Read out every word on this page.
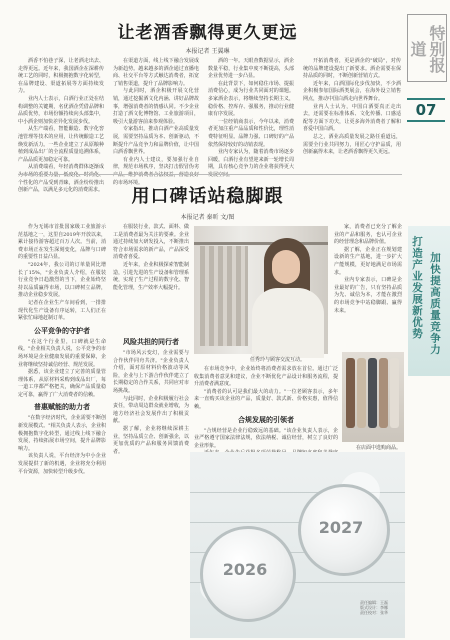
特别报道
07
打造产业发展新优势 加快提高质量竞争力
让老酒香飘得更久更远
本报记者 王翼琳

酒香不怕巷子深，让老酒走出去、走得更远。近年来，我国酒企在深耕传统工艺的同时，积极拥抱数字化转型，在品牌建设、渠道拓展等方面持续发力。

业内人士表示，白酒行业正处在结构调整的关键期，名优酒企凭借品牌和品质优势，市场份额持续向头部集中，中小酒企则加快差异化发展步伐。

从生产端看，智能酿造、数字化窖池管理等技术的应用，让传统酿造工艺焕发新活力。一些企业建立了从原粮种植到成品出厂的全流程质量追溯体系，产品品质更加稳定可靠。

从消费端看，年轻消费群体逐渐成为市场的重要力量，低度化、时尚化、个性化的产品受到青睐，酒企纷纷推出创新产品，以满足多元化的消费需求。

在渠道方面，线上线下融合发展成为新趋势。越来越多的酒企通过直播电商、社交平台等方式触达消费者，拓宽了销售渠道，提升了品牌影响力。

与此同时，酒企积极开展文化营销，通过挖掘酒文化内涵、讲好品牌故事，增强消费者的情感认同。不少企业打造了酒文化博物馆、工业旅游项目，吸引大量游客前来参观体验。

专家指出，推动白酒产业高质量发展，需要坚持品质为本、创新驱动，不断提升产品竞争力和品牌价值，让中国白酒香飘世界。

有业内人士建议，要加强行业自律，规范市场秩序，坚决打击假冒伪劣产品，维护消费者合法权益，营造良好的市场环境。

酒的一年。天眼查数据显示，酒企数量平稳，行业集中度不断提高，头部企业优势进一步凸显。

在此背景下，如何稳住市场、提振消费信心，成为行业共同面对的课题。多家酒企表示，将继续坚持长期主义，稳价格、控库存、强服务，推动行业健康有序发展。

一位经销商表示，今年以来，消费者更加注重产品品质和性价比，理性消费特征明显。品牌力强、口碑好的产品依然保持较好的动销表现。

业内专家认为，随着消费市场逐步回暖，白酒行业有望迎来新一轮增长周期，具有核心竞争力的企业将获得更大发展空间。

开拓消费者，更是酒企的"破局"，对传统的品牌建设提出了新要求。酒企需要在保持品质的同时，不断创新营销方式。

近年来，白酒国际化步伐加快，不少酒企积极参加国际酒类展会，在海外设立销售网点，推动中国白酒走向世界舞台。

业内人士认为，中国白酒要真正走出去，还需要在标准体系、文化传播、口感适配等方面下功夫，让更多海外消费者了解和喜爱中国白酒。

总之，酒业高质量发展之路任重道远，需要全行业共同努力，用匠心守护品质，用创新赢得未来，让老酒香飘得更久更远。

用口碑话站稳脚跟
本报记者 秦昕 文/图

作为无锡市首批国家级工业旅游示范基地之一，这里自2019年开放以来，累计接待游客超过百万人次。当前，消费市场正在发生深刻变化，品牌与口碑的重要性日益凸显。

"2024年，我公司的订单量同比增长了15%，"企业负责人介绍，在服装行业竞争日趋激烈的当下，企业始终坚持以品质赢得市场，以口碑树立品牌，推动企业稳步发展。

记者在企业生产车间看到，一排排现代化生产设备有序运转，工人们正在紧张忙碌地赶制订单。

公平竞争的守护者

"在这个行业里，口碑就是生命线。"企业相关负责人说，公平竞争的市场环境是企业健康发展的重要保障，企业将继续坚持诚信经营、规范发展。

据悉，该企业建立了完善的质量管理体系，从原材料采购到成品出厂，每一道工序都严格把关，确保产品质量稳定可靠，赢得了广大消费者的信赖。

普惠赋能的助力者

"在数字经济时代，企业需要不断创新发展模式。"相关负责人表示，企业积极拥抱数字化转型，通过线上线下融合发展，持续拓展市场空间，提升品牌影响力。

该负责人说，平台经济为中小企业发展提供了新的机遇，企业将充分利用平台资源，加快转型升级步伐。

在服装行业，款式、面料、做工是消费者最为关注的要素。企业通过持续加大研发投入，不断推出符合市场需求的新产品，产品深受消费者喜爱。

近年来，企业积极探索智能制造，引进先进的生产设备和管理系统，实现了生产过程的数字化、智能化管理，生产效率大幅提升。

风险共担的同行者

"市场风云变幻，企业需要与合作伙伴同舟共济。"企业负责人介绍，面对原材料价格波动等风险，企业与上下游合作伙伴建立了长期稳定的合作关系，共同应对市场挑战。

与此同时，企业积极履行社会责任，带动周边群众就业增收，为地方经济社会发展作出了积极贡献。

据了解，企业将继续深耕主业，坚持品质立企、创新强企，以更加优质的产品和服务回馈消费者。

任秀玲与顾客交流互动。

在市场竞争中，企业始终将消费者需求放在首位。通过广泛收集消费者意见和建议，企业不断优化产品设计和服务流程，提升消费者满意度。

"消费者的认可是我们最大的动力。"一位老顾客表示，多年来一直购买该企业的产品，质量好、款式新、价格实惠，值得信赖。

合规发展的引领者

"合规经营是企业行稳致远的基础。"该企业负责人表示，企业严格遵守国家法律法规，依法纳税、诚信经营，树立了良好的企业形象。

家，消费者已充分了解企业的产品和服务，也认可企业的经营理念和品牌价值。

据了解，企业正在规划建设新的生产基地，进一步扩大产能规模，更好地满足市场需求。

业内专家表示，口碑是企业最好的广告，只有坚持品质为先、诚信为本，才能在激烈的市场竞争中站稳脚跟、赢得未来。

在店面中选购商品。
2026
2027
责任编辑：王磊
版式设计：李娜
责任校对：张华
